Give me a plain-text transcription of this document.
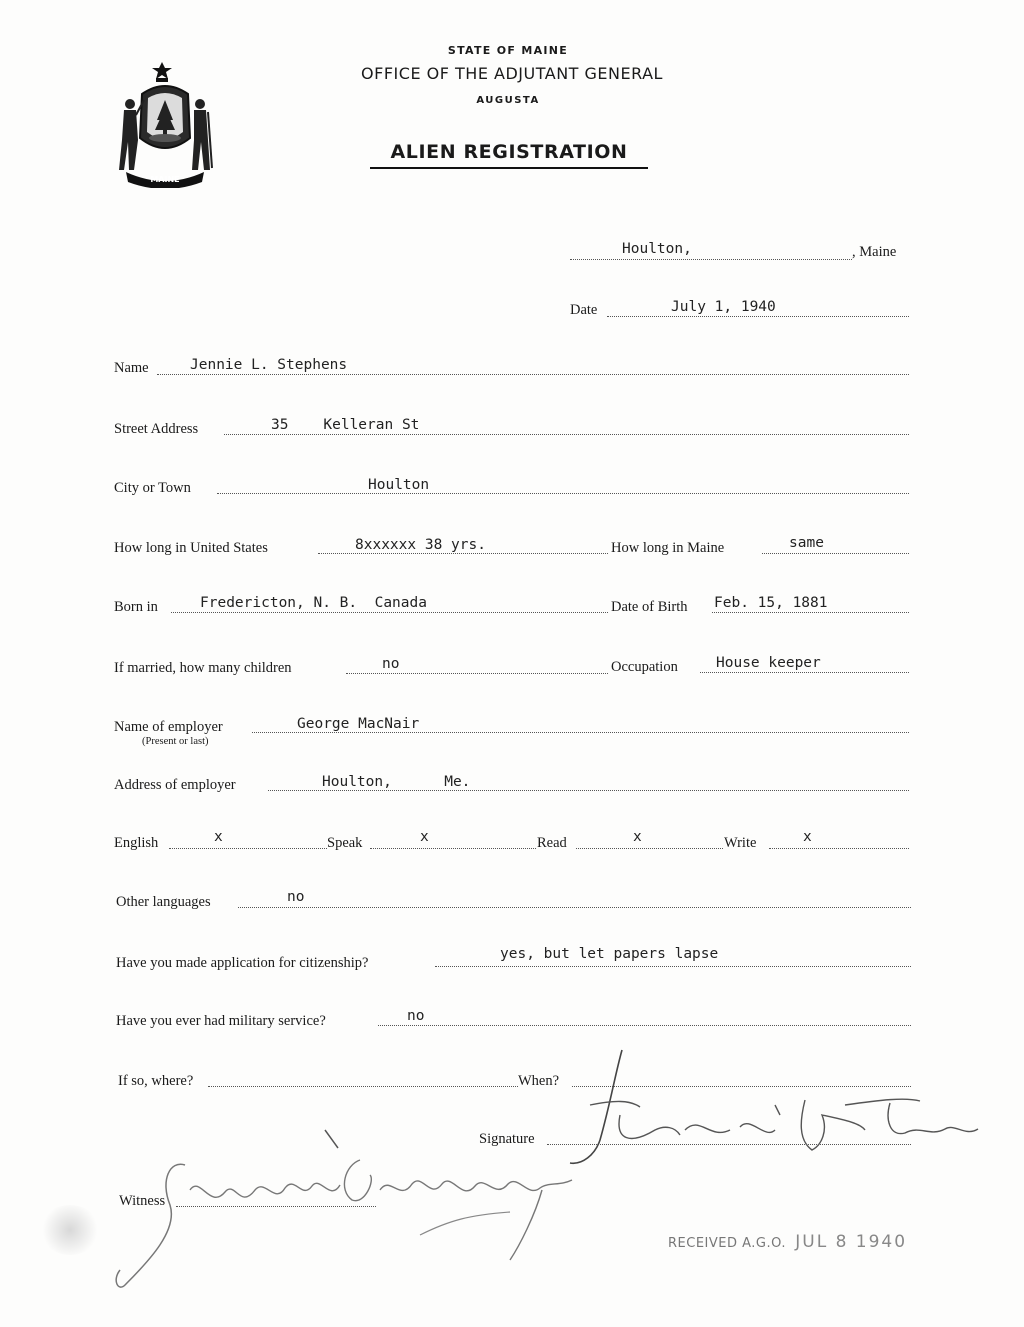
MAINE
STATE OF MAINE
OFFICE OF THE ADJUTANT GENERAL
AUGUSTA
ALIEN REGISTRATION
Houlton,	, Maine
Date	July 1, 1940
Name	Jennie L. Stephens
Street Address	35    Kelleran St
City or Town	Houlton
How long in United States	8xxxxxx 38 yrs.	How long in Maine	same
Born in	Fredericton, N. B.  Canada	Date of Birth Feb. 15, 1881
If married, how many children	no	Occupation	House keeper
Name of employer
(Present or last)
George MacNair
Address of employer	Houlton,      Me.
English	x	Speak	x	Read	x	Write	x
Other languages	no
Have you made application for citizenship?
yes, but let papers lapse
Have you ever had military service?	no
If so, where?	When?
Signature
Witness
RECEIVED A.G.O. JUL 8 1940
